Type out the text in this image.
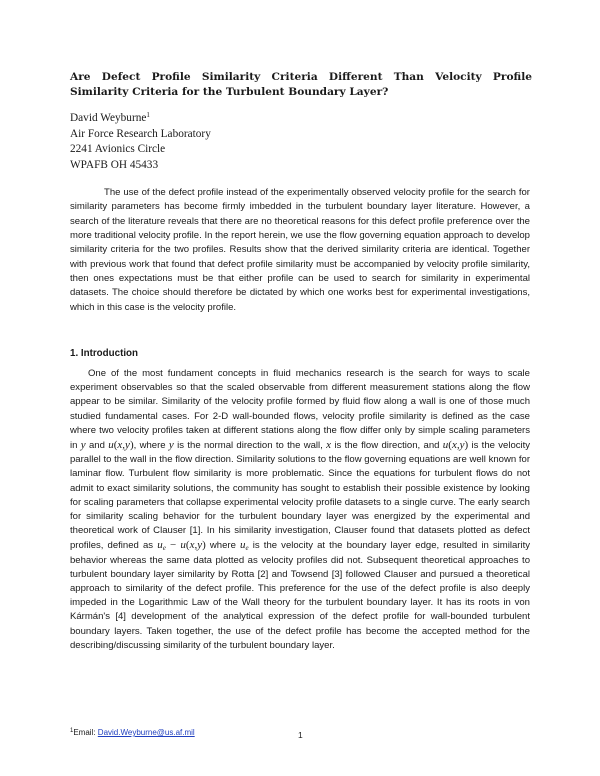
Are Defect Profile Similarity Criteria Different Than Velocity Profile Similarity Criteria for the Turbulent Boundary Layer?

David Weyburne$^1$
Air Force Research Laboratory
2241 Avionics Circle
WPAFB OH 45433

The use of the defect profile instead of the experimentally observed velocity profile for the search for similarity parameters has become firmly imbedded in the turbulent boundary layer literature. However, a search of the literature reveals that there are no theoretical reasons for this defect profile preference over the more traditional velocity profile. In the report herein, we use the flow governing equation approach to develop similarity criteria for the two profiles. Results show that the derived similarity criteria are identical. Together with previous work that found that defect profile similarity must be accompanied by velocity profile similarity, then ones expectations must be that either profile can be used to search for similarity in experimental datasets. The choice should therefore be dictated by which one works best for experimental investigations, which in this case is the velocity profile.

1. Introduction

One of the most fundament concepts in fluid mechanics research is the search for ways to scale experiment observables so that the scaled observable from different measurement stations along the flow appear to be similar. Similarity of the velocity profile formed by fluid flow along a wall is one of those much studied fundamental cases. For 2-D wall-bounded flows, velocity profile similarity is defined as the case where two velocity profiles taken at different stations along the flow differ only by simple scaling parameters in y and u(x,y), where y is the normal direction to the wall, x is the flow direction, and u(x,y) is the velocity parallel to the wall in the flow direction. Similarity solutions to the flow governing equations are well known for laminar flow. Turbulent flow similarity is more problematic. Since the equations for turbulent flows do not admit to exact similarity solutions, the community has sought to establish their possible existence by looking for scaling parameters that collapse experimental velocity profile datasets to a single curve. The early search for similarity scaling behavior for the turbulent boundary layer was energized by the experimental and theoretical work of Clauser [1]. In his similarity investigation, Clauser found that datasets plotted as defect profiles, defined as $u_e - u(x,y)$ where $u_e$ is the velocity at the boundary layer edge, resulted in similarity behavior whereas the same data plotted as velocity profiles did not. Subsequent theoretical approaches to turbulent boundary layer similarity by Rotta [2] and Towsend [3] followed Clauser and pursued a theoretical approach to similarity of the defect profile. This preference for the use of the defect profile is also deeply impeded in the Logarithmic Law of the Wall theory for the turbulent boundary layer. It has its roots in von Kármán's [4] development of the analytical expression of the defect profile for wall-bounded turbulent boundary layers. Taken together, the use of the defect profile has become the accepted method for the describing/discussing similarity of the turbulent boundary layer.

$^1$Email: David.Weyburne@us.af.mil	1
